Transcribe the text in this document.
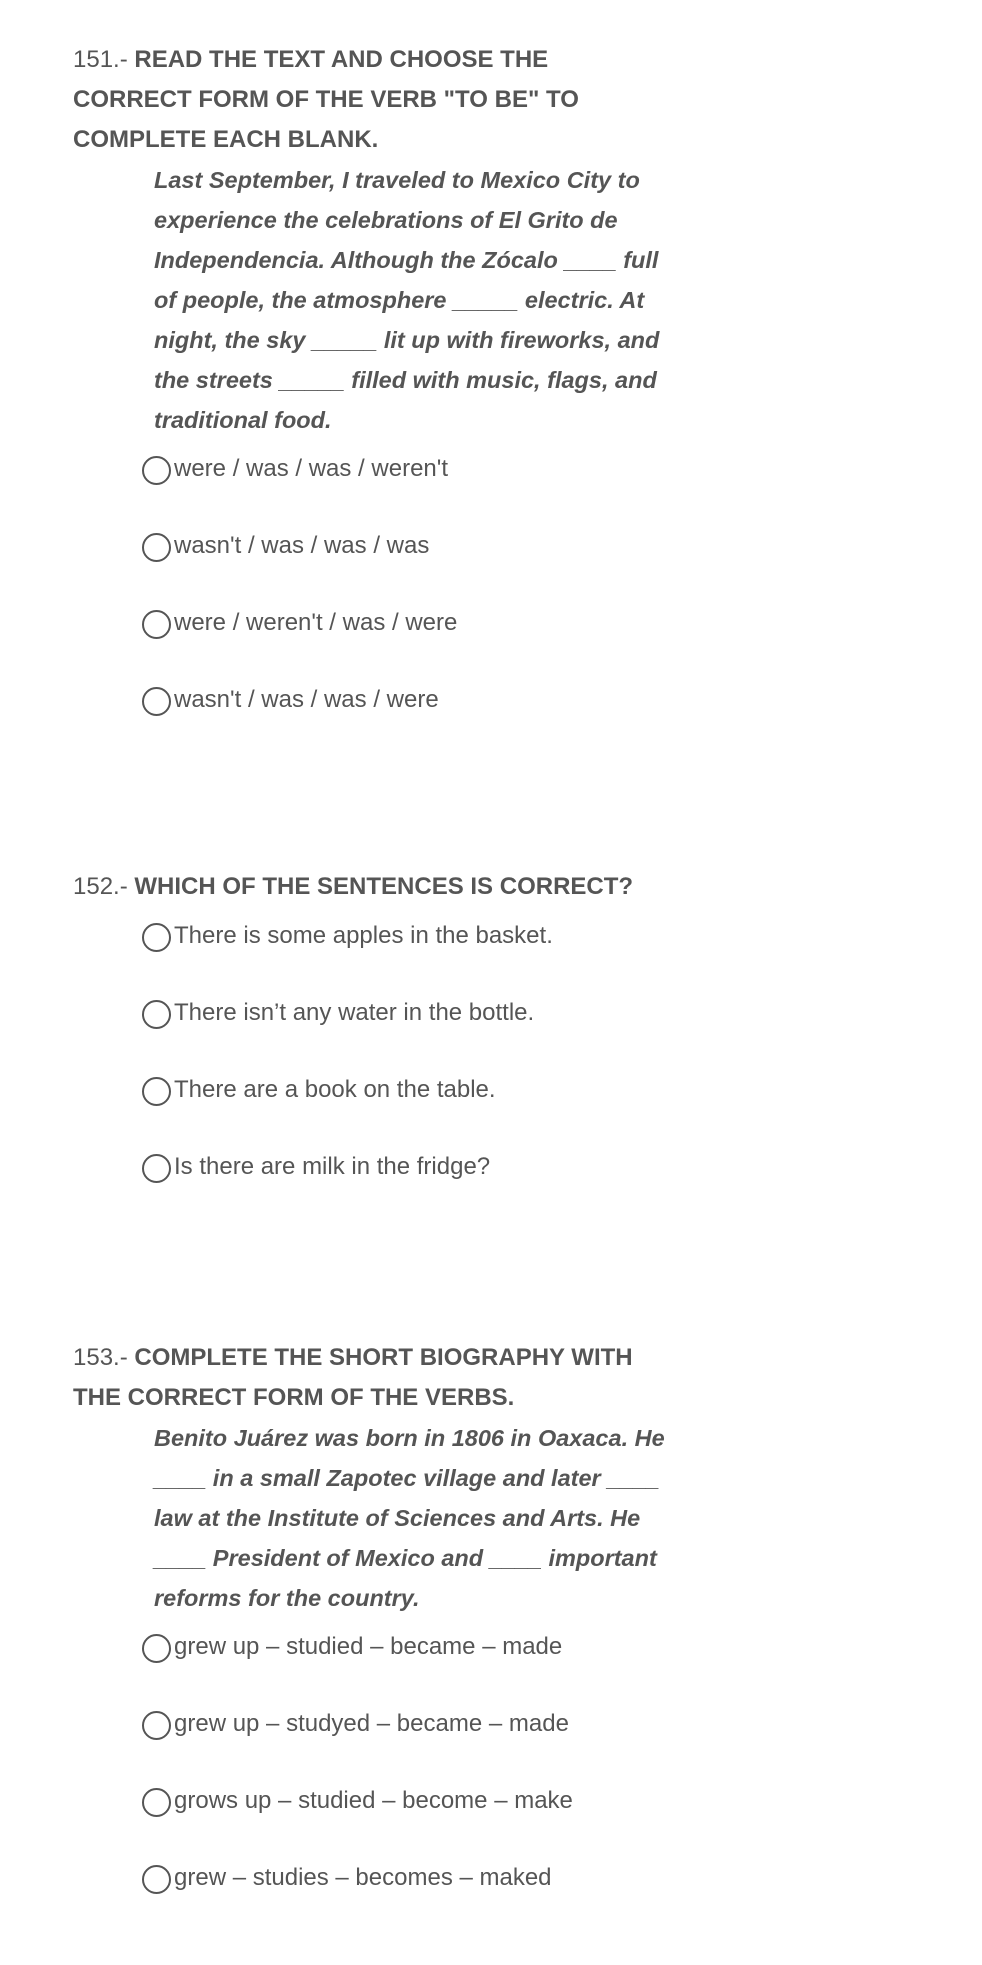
151.- READ THE TEXT AND CHOOSE THE CORRECT FORM OF THE VERB "TO BE" TO COMPLETE EACH BLANK.

Last September, I traveled to Mexico City to experience the celebrations of El Grito de Independencia. Although the Zócalo ____ full of people, the atmosphere _____ electric. At night, the sky _____ lit up with fireworks, and the streets _____ filled with music, flags, and traditional food.

were / was / was / weren't
wasn't / was / was / was
were / weren't / was / were
wasn't / was / was / were

152.- WHICH OF THE SENTENCES IS CORRECT?

There is some apples in the basket.
There isn’t any water in the bottle.
There are a book on the table.
Is there are milk in the fridge?

153.- COMPLETE THE SHORT BIOGRAPHY WITH THE CORRECT FORM OF THE VERBS.

Benito Juárez was born in 1806 in Oaxaca. He ____ in a small Zapotec village and later ____ law at the Institute of Sciences and Arts. He ____ President of Mexico and ____ important reforms for the country.

grew up – studied – became – made
grew up – studyed – became – made
grows up – studied – become – make
grew – studies – becomes – maked
